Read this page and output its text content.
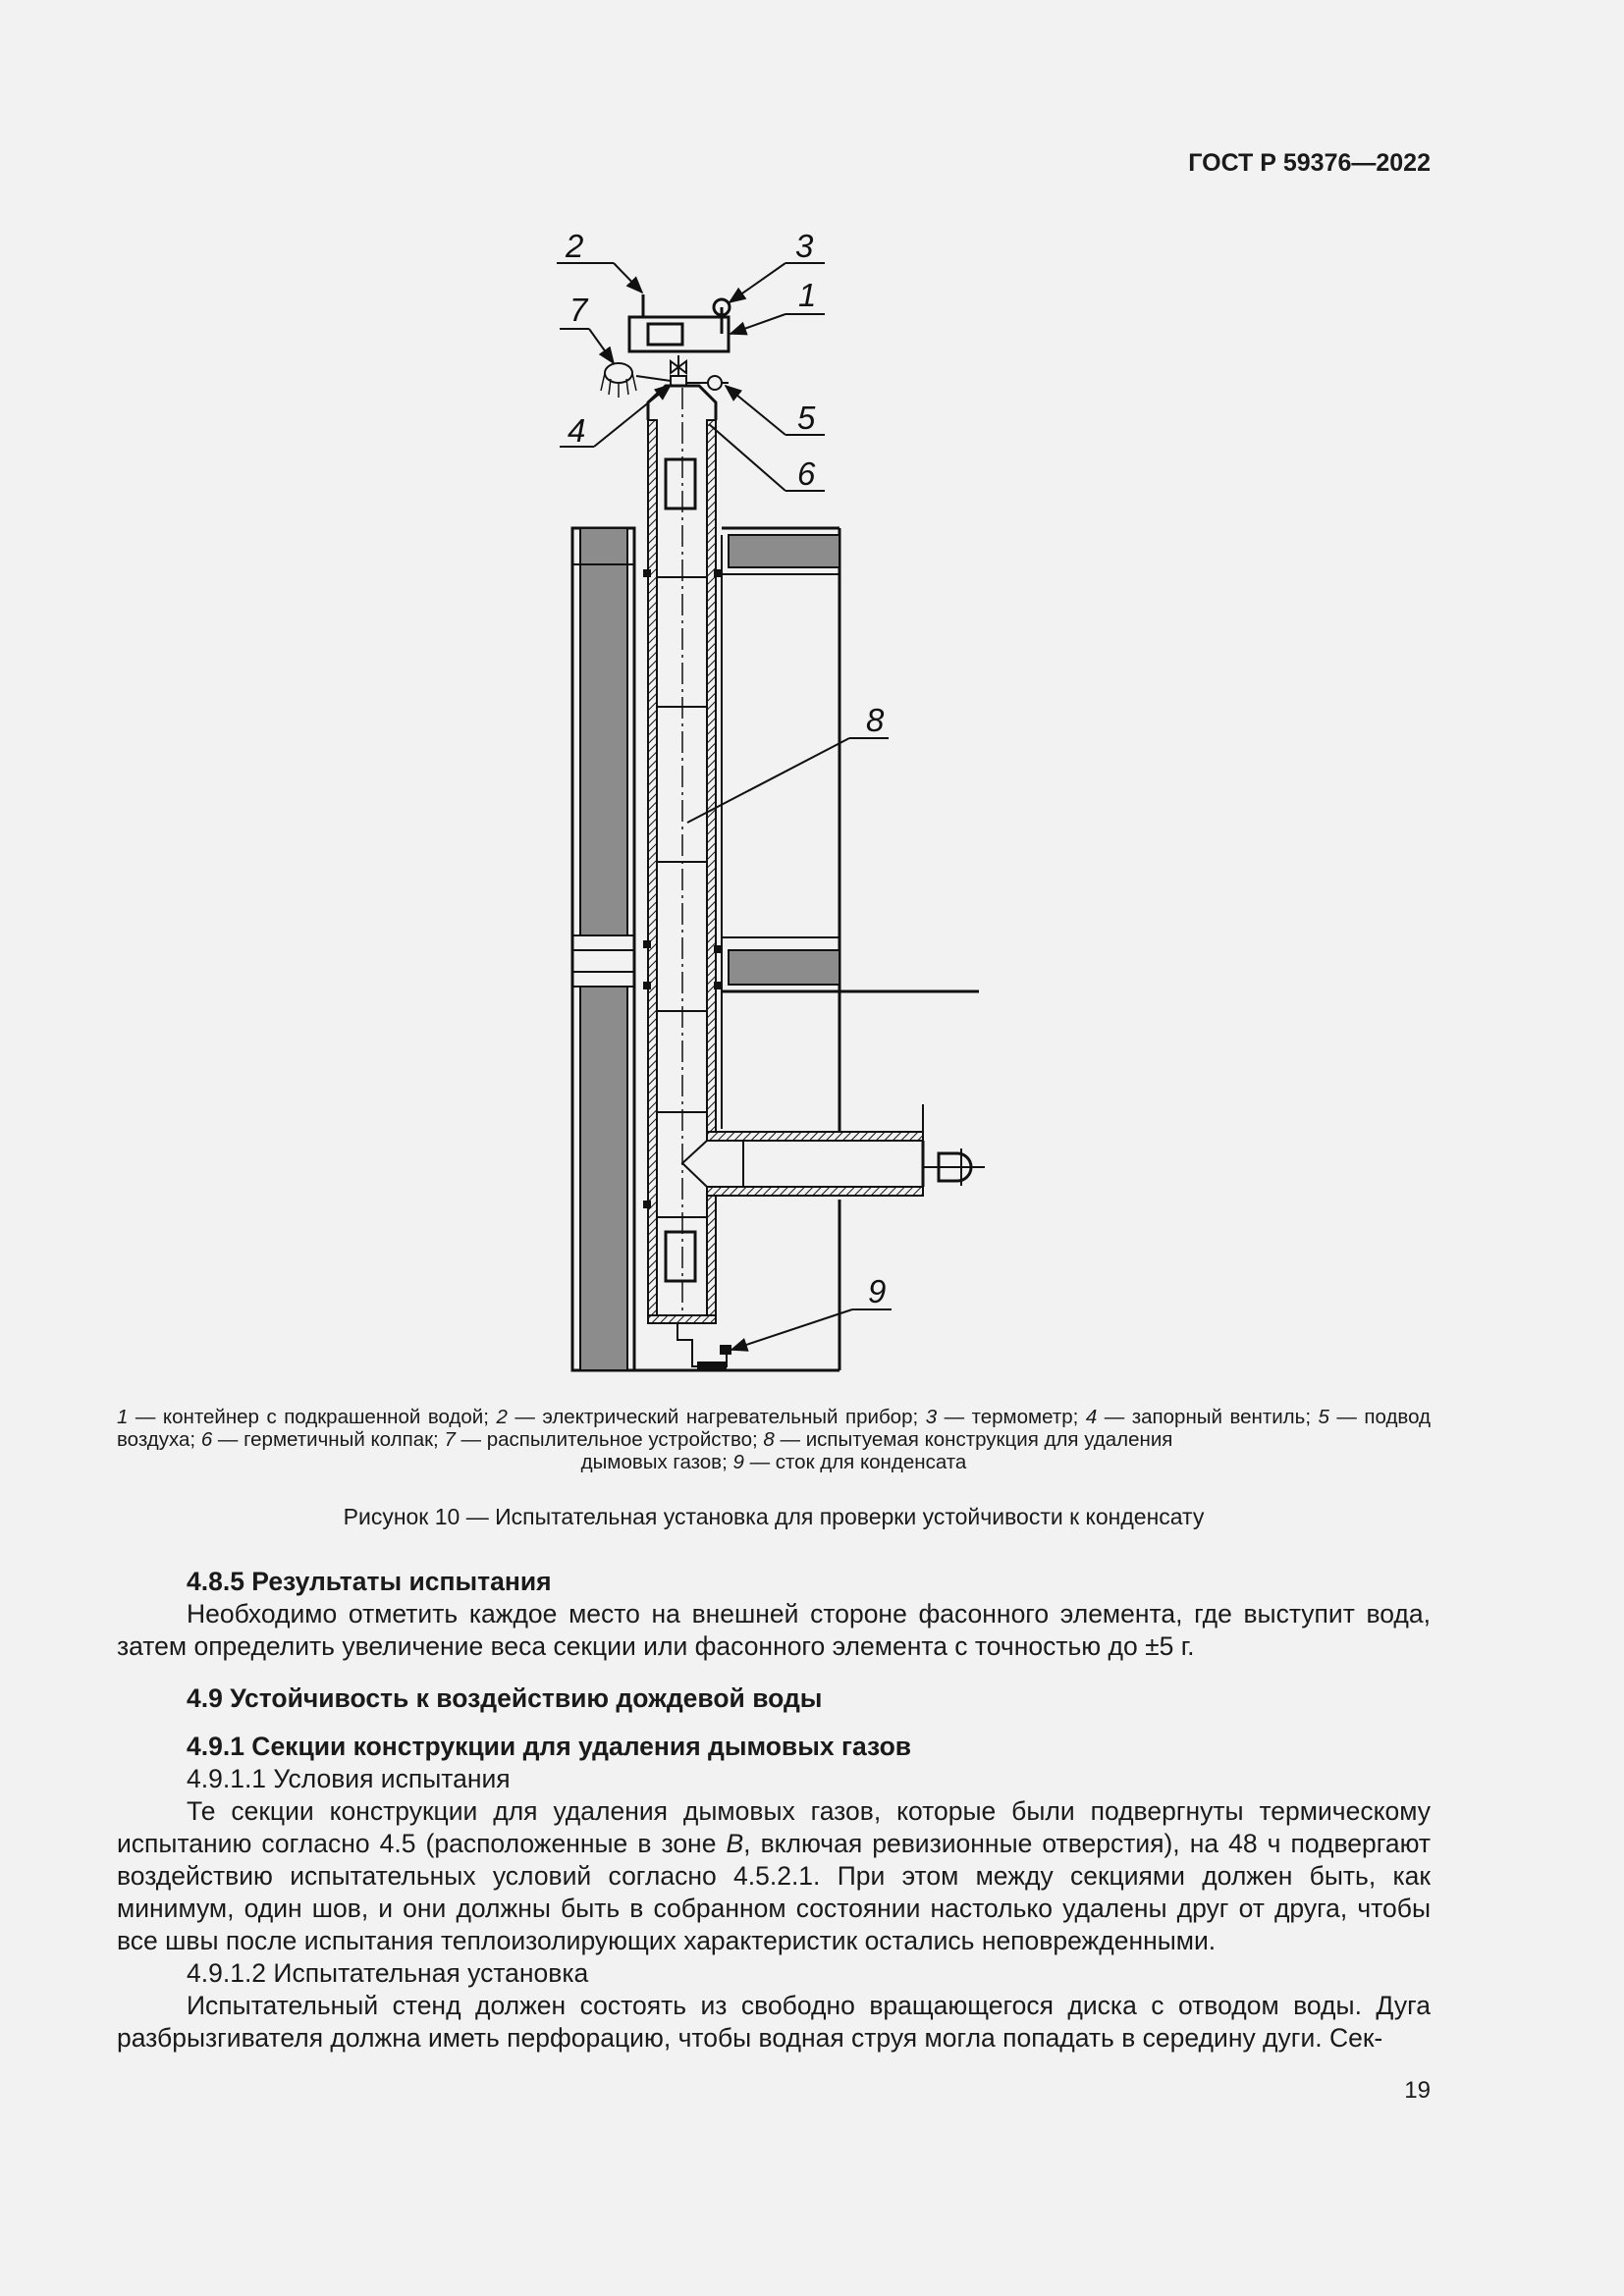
ГОСТ Р 59376—2022
2	3
1
7
4	5
6
8
9
1 — контейнер с подкрашенной водой; 2 — электрический нагревательный прибор; 3 — термометр; 4 — запорный вентиль; 5 — подвод воздуха; 6 — герметичный колпак; 7 — распылительное устройство; 8 — испытуемая конструкция для удаления
дымовых газов; 9 — сток для конденсата
Рисунок 10 — Испытательная установка для проверки устойчивости к конденсату

4.8.5 Результаты испытания

Необходимо отметить каждое место на внешней стороне фасонного элемента, где выступит вода, затем определить увеличение веса секции или фасонного элемента с точностью до ±5 г.

4.9 Устойчивость к воздействию дождевой воды

4.9.1 Секции конструкции для удаления дымовых газов

4.9.1.1 Условия испытания

Те секции конструкции для удаления дымовых газов, которые были подвергнуты термическому испытанию согласно 4.5 (расположенные в зоне B, включая ревизионные отверстия), на 48 ч подвергают воздействию испытательных условий согласно 4.5.2.1. При этом между секциями должен быть, как минимум, один шов, и они должны быть в собранном состоянии настолько удалены друг от друга, чтобы все швы после испытания теплоизолирующих характеристик остались неповрежденными.

4.9.1.2 Испытательная установка

Испытательный стенд должен состоять из свободно вращающегося диска с отводом воды. Дуга разбрызгивателя должна иметь перфорацию, чтобы водная струя могла попадать в середину дуги. Сек-

19
